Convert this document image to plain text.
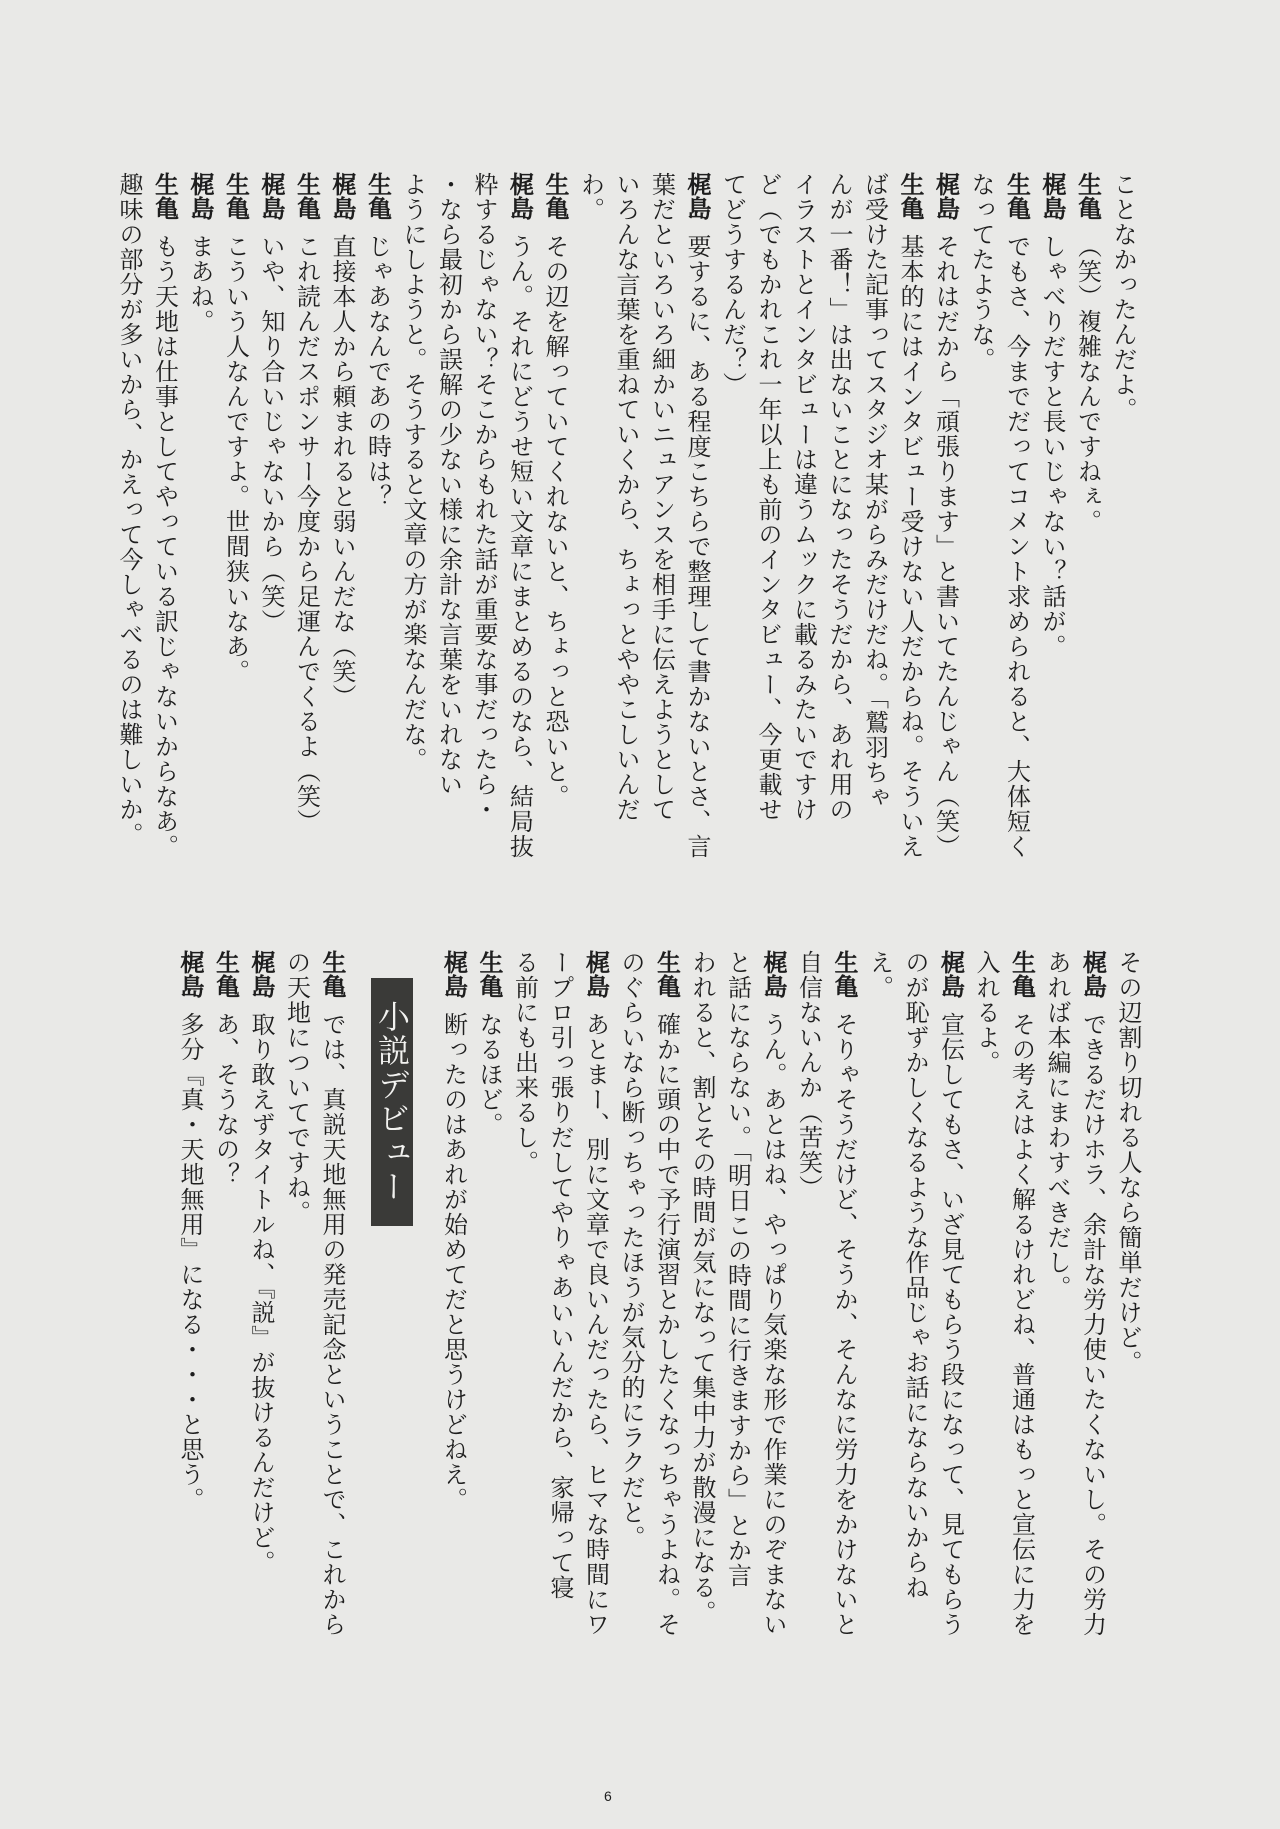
ことなかったんだよ。
生亀（笑）複雑なんですねぇ。
梶島しゃべりだすと長いじゃない？話が。
生亀でもさ、今までだってコメント求められると、大体短く
なってたような。
梶島それはだから「頑張ります」と書いてたんじゃん（笑）
生亀基本的にはインタビュー受けない人だからね。そういえ
ば受けた記事ってスタジオ某がらみだけだね。「鷲羽ちゃ
んが一番！」は出ないことになったそうだから、あれ用の
イラストとインタビューは違うムックに載るみたいですけ
ど（でもかれこれ一年以上も前のインタビュー、今更載せ
てどうするんだ？）
梶島要するに、ある程度こちらで整理して書かないとさ、言
葉だといろいろ細かいニュアンスを相手に伝えようとして
いろんな言葉を重ねていくから、ちょっとややこしいんだ
わ。
生亀その辺を解っていてくれないと、ちょっと恐いと。
梶島うん。それにどうせ短い文章にまとめるのなら、結局抜
粋するじゃない？そこからもれた話が重要な事だったら・
・なら最初から誤解の少ない様に余計な言葉をいれない
ようにしようと。そうすると文章の方が楽なんだな。
生亀じゃあなんであの時は？
梶島直接本人から頼まれると弱いんだな（笑）
生亀これ読んだスポンサー今度から足運んでくるよ（笑）
梶島いや、知り合いじゃないから（笑）
生亀こういう人なんですよ。世間狭いなあ。
梶島まあね。
生亀もう天地は仕事としてやっている訳じゃないからなあ。
趣味の部分が多いから、かえって今しゃべるのは難しいか。
その辺割り切れる人なら簡単だけど。
梶島できるだけホラ、余計な労力使いたくないし。その労力
あれば本編にまわすべきだし。
生亀その考えはよく解るけれどね、普通はもっと宣伝に力を
入れるよ。
梶島宣伝してもさ、いざ見てもらう段になって、見てもらう
のが恥ずかしくなるような作品じゃお話にならないからね
え。
生亀そりゃそうだけど、そうか、そんなに労力をかけないと
自信ないんか（苦笑）
梶島うん。あとはね、やっぱり気楽な形で作業にのぞまない
と話にならない。「明日この時間に行きますから」とか言
われると、割とその時間が気になって集中力が散漫になる。
生亀確かに頭の中で予行演習とかしたくなっちゃうよね。そ
のぐらいなら断っちゃったほうが気分的にラクだと。
梶島あとまー、別に文章で良いんだったら、ヒマな時間にワ
ープロ引っ張りだしてやりゃあいいんだから、家帰って寝
る前にも出来るし。
生亀なるほど。
梶島断ったのはあれが始めてだと思うけどねえ。
小説デビュー
生亀では、真説天地無用の発売記念ということで、これから
の天地についてですね。
梶島取り敢えずタイトルね、『説』が抜けるんだけど。
生亀あ、そうなの？
梶島多分『真・天地無用』になる・・・と思う。
6
